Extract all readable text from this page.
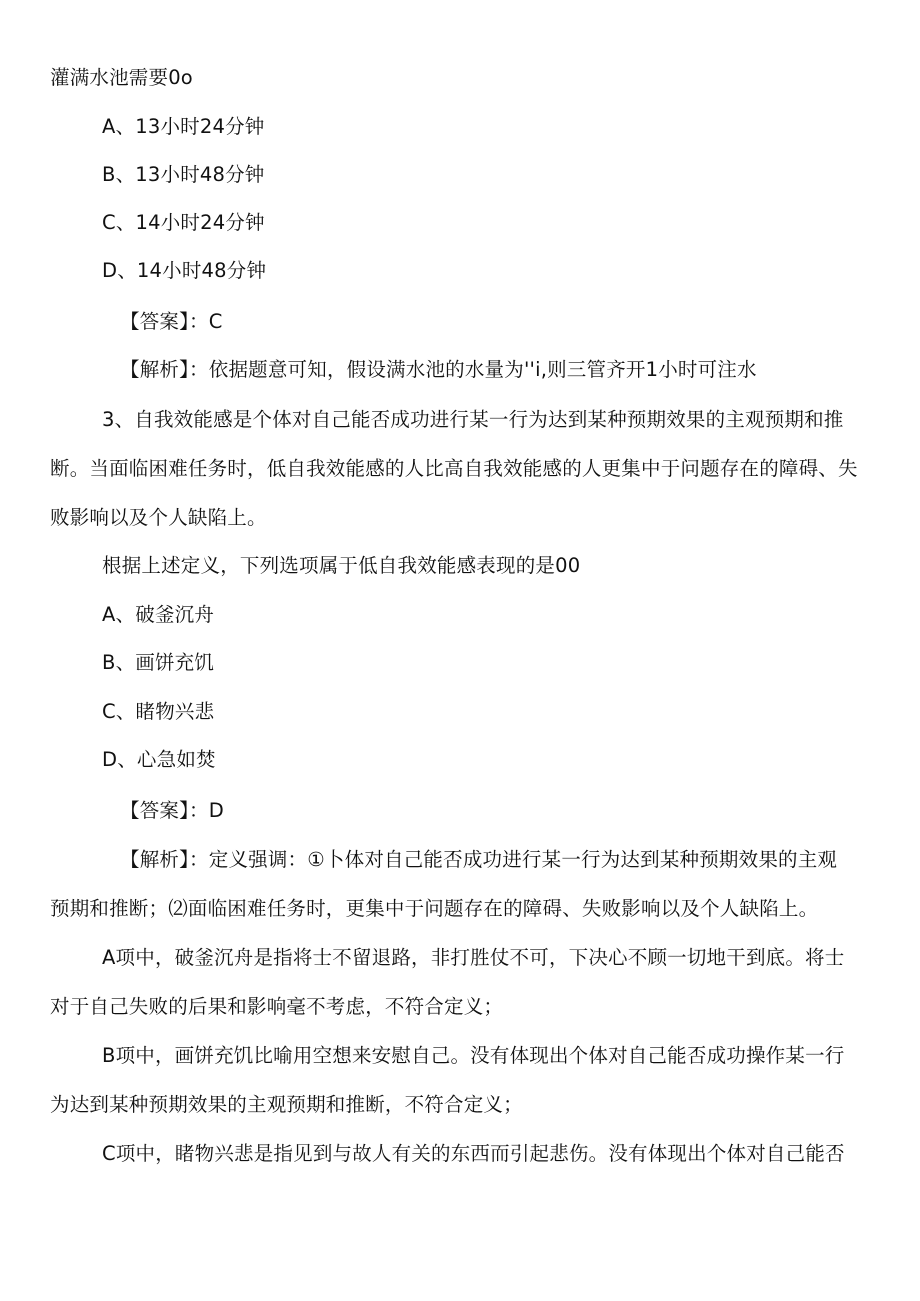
灌满水池需要0o
A、13小时24分钟
B、13小时48分钟
C、14小时24分钟
D、14小时48分钟
【答案】：C
【解析】：依据题意可知，假设满水池的水量为''i,则三管齐开1小时可注水
3、自我效能感是个体对自己能否成功进行某一行为达到某种预期效果的主观预期和推
断。当面临困难任务时，低自我效能感的人比高自我效能感的人更集中于问题存在的障碍、失
败影响以及个人缺陷上。
根据上述定义，下列选项属于低自我效能感表现的是00
A、破釜沉舟
B、画饼充饥
C、睹物兴悲
D、心急如焚
【答案】：D
【解析】：定义强调：①卜体对自己能否成功进行某一行为达到某种预期效果的主观
预期和推断；⑵面临困难任务时，更集中于问题存在的障碍、失败影响以及个人缺陷上。
A项中，破釜沉舟是指将士不留退路，非打胜仗不可，下决心不顾一切地干到底。将士
对于自己失败的后果和影响毫不考虑，不符合定义；
B项中，画饼充饥比喻用空想来安慰自己。没有体现出个体对自己能否成功操作某一行
为达到某种预期效果的主观预期和推断，不符合定义；
C项中，睹物兴悲是指见到与故人有关的东西而引起悲伤。没有体现出个体对自己能否
